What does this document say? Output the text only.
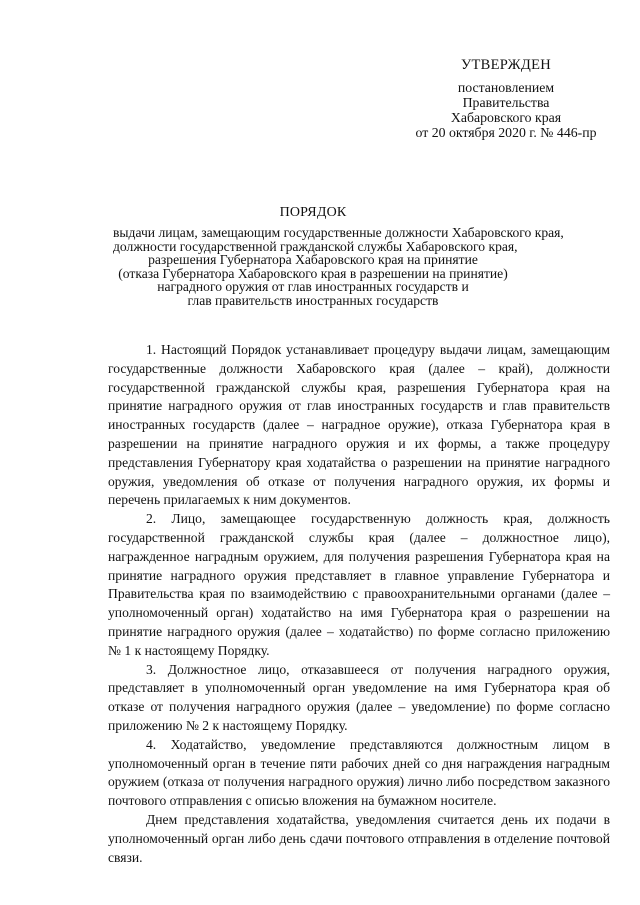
УТВЕРЖДЕН
постановлением
Правительства
Хабаровского края
от 20 октября 2020 г. № 446-пр
ПОРЯДОК
выдачи лицам, замещающим государственные должности Хабаровского края,
должности государственной гражданской службы Хабаровского края,
разрешения Губернатора Хабаровского края на принятие
(отказа Губернатора Хабаровского края в разрешении на принятие)
наградного оружия от глав иностранных государств и
глав правительств иностранных государств

1. Настоящий Порядок устанавливает процедуру выдачи лицам, замещающим государственные должности Хабаровского края (далее – край), должности государственной гражданской службы края, разрешения Губернатора края на принятие наградного оружия от глав иностранных государств и глав правительств иностранных государств (далее – наградное оружие), отказа Губернатора края в разрешении на принятие наградного оружия и их формы, а также процедуру представления Губернатору края ходатайства о разрешении на принятие наградного оружия, уведомления об отказе от получения наградного оружия, их формы и перечень прилагаемых к ним документов.

2. Лицо, замещающее государственную должность края, должность государственной гражданской службы края (далее – должностное лицо), награжденное наградным оружием, для получения разрешения Губернатора края на принятие наградного оружия представляет в главное управление Губернатора и Правительства края по взаимодействию с правоохранительными органами (далее – уполномоченный орган) ходатайство на имя Губернатора края о разрешении на принятие наградного оружия (далее – ходатайство) по форме согласно приложению № 1 к настоящему Порядку.

3. Должностное лицо, отказавшееся от получения наградного оружия, представляет в уполномоченный орган уведомление на имя Губернатора края об отказе от получения наградного оружия (далее – уведомление) по форме согласно приложению № 2 к настоящему Порядку.

4. Ходатайство, уведомление представляются должностным лицом в уполномоченный орган в течение пяти рабочих дней со дня награждения наградным оружием (отказа от получения наградного оружия) лично либо посредством заказного почтового отправления с описью вложения на бумажном носителе.

Днем представления ходатайства, уведомления считается день их подачи в уполномоченный орган либо день сдачи почтового отправления в отделение почтовой связи.
